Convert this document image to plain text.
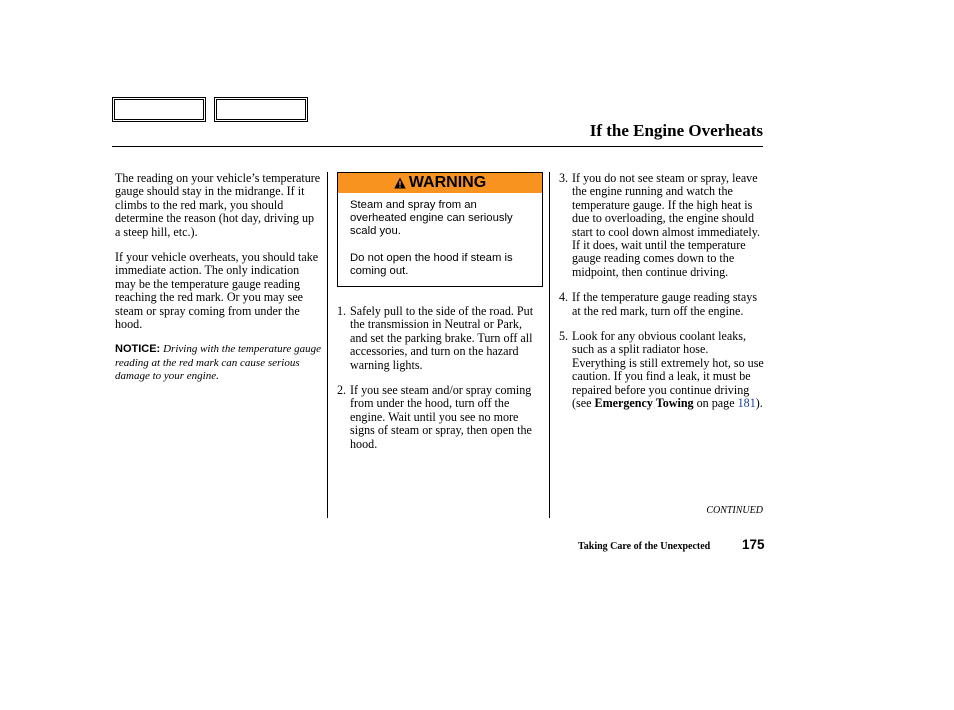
If the Engine Overheats

The reading on your vehicle’s temperature gauge should stay in the midrange. If it climbs to the red mark, you should determine the reason (hot day, driving up a steep hill, etc.).

If your vehicle overheats, you should take immediate action. The only indication may be the temperature gauge reading reaching the red mark. Or you may see steam or spray coming from under the hood.

NOTICE: Driving with the temperature gauge reading at the red mark can cause serious damage to your engine.

WARNING

Steam and spray from an overheated engine can seriously scald you.

Do not open the hood if steam is coming out.

1. Safely pull to the side of the road. Put the transmission in Neutral or Park, and set the parking brake. Turn off all accessories, and turn on the hazard warning lights.
2. If you see steam and/or spray coming from under the hood, turn off the engine. Wait until you see no more signs of steam or spray, then open the hood.
3. If you do not see steam or spray, leave the engine running and watch the temperature gauge. If the high heat is due to overloading, the engine should start to cool down almost immediately. If it does, wait until the temperature gauge reading comes down to the midpoint, then continue driving.
4. If the temperature gauge reading stays at the red mark, turn off the engine.
5. Look for any obvious coolant leaks, such as a split radiator hose. Everything is still extremely hot, so use caution. If you find a leak, it must be repaired before you continue driving (see Emergency Towing on page 181).
CONTINUED
Taking Care of the Unexpected 175
